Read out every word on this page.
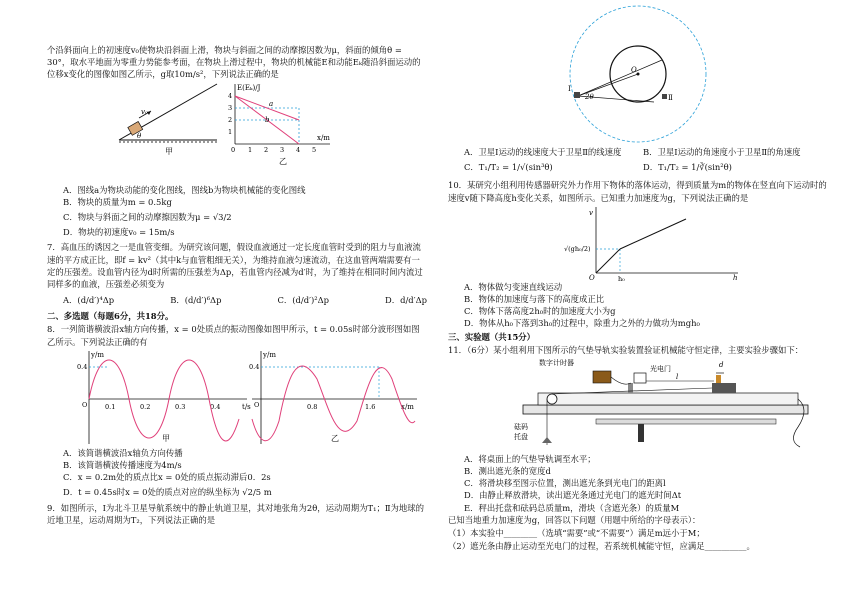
个沿斜面向上的初速度v₀使物块沿斜面上滑，物块与斜面之间的动摩擦因数为μ，斜面的倾角θ = 30°，取水平地面为零重力势能参考面，在物块上滑过程中，物块的机械能E和动能Eₖ随沿斜面运动的位移x变化的图像如图乙所示，g取10m/s²，下列说法正确的是

v₀
θ
甲
E(Eₖ)/J
x/m
4
3
2
1
0 1 2 3 4 5
a
b
乙

A．图线a为物块动能的变化图线，图线b为物块机械能的变化图线

B．物块的质量为m = 0.5kg

C．物块与斜面之间的动摩擦因数为μ = √3/2

D．物块的初速度v₀ = 15m/s

7．高血压的诱因之一是血管变细。为研究该问题，假设血液通过一定长度血管时受到的阻力与血液流速的平方成正比，即f = kv²（其中k与血管粗细无关），为维持血液匀速流动，在这血管两端需要有一定的压强差。设血管内径为d时所需的压强差为Δp，若血管内径减为d′时，为了维持在相同时间内流过同样多的血液，压强差必须变为

A．(d/d′)⁴Δp	B．(d/d′)⁶Δp	C．(d/d′)²Δp	D．d/d′Δp

二、多选题（每题6分，共18分。

8．一列简谐横波沿x轴方向传播，x = 0处质点的振动图像如图甲所示，t = 0.05s时部分波形图如图乙所示。下列说法正确的有

y/m
t/s
0.4
O	0.1	0.2	0.3	0.4
甲
y/m
x/m
0.4
O	0.8	1.6
乙

A．该简谐横波沿x轴负方向传播

B．该简谐横波传播速度为4m/s

C．x = 0.2m处的质点比x = 0处的质点振动滞后0．2s

D．t = 0.45s时x = 0处的质点对应的纵坐标为 √2/5 m

9．如图所示，Ⅰ为北斗卫星导航系统中的静止轨道卫星，其对地张角为2θ，运动周期为T₁；Ⅱ为地球的近地卫星，运动周期为T₂，下列说法正确的是

Ⅰ
2θ
O
Ⅱ
A．卫星Ⅰ运动的线速度大于卫星Ⅱ的线速度	B．卫星Ⅰ运动的角速度小于卫星Ⅱ的角速度
C．T₁/T₂ = 1/√(sin³θ)	D．T₁/T₂ = 1/∛(sin²θ)

10．某研究小组利用传感器研究外力作用下物体的落体运动，得到质量为m的物体在竖直向下运动时的速度v随下降高度h变化关系，如图所示。已知重力加速度为g，下列说法正确的是

v
h
O
√(gh₀/2)
h₀

A．物体做匀变速直线运动

B．物体的加速度与落下的高度成正比

C．物体下落高度2h₀时的加速度大小为g

D．物体从h₀下落到3h₀的过程中，除重力之外的力做功为mgh₀

三、实验题（共15分）

11．（6分）某小组利用下图所示的气垫导轨实验装置验证机械能守恒定律，主要实验步骤如下：

数字计时器
光电门	d
l
砝码
托盘

A．将桌面上的气垫导轨调至水平；

B．测出遮光条的宽度d

C．将滑块移至图示位置，测出遮光条到光电门的距离l

D．由静止释放滑块，读出遮光条通过光电门的遮光时间Δt

E．秤出托盘和砝码总质量m，滑块（含遮光条）的质量M

已知当地重力加速度为g，回答以下问题（用题中所给的字母表示）：

（1）本实验中________（选填“需要”或“不需要”）满足m远小于M；

（2）遮光条由静止运动至光电门的过程，若系统机械能守恒，应满足__________。
